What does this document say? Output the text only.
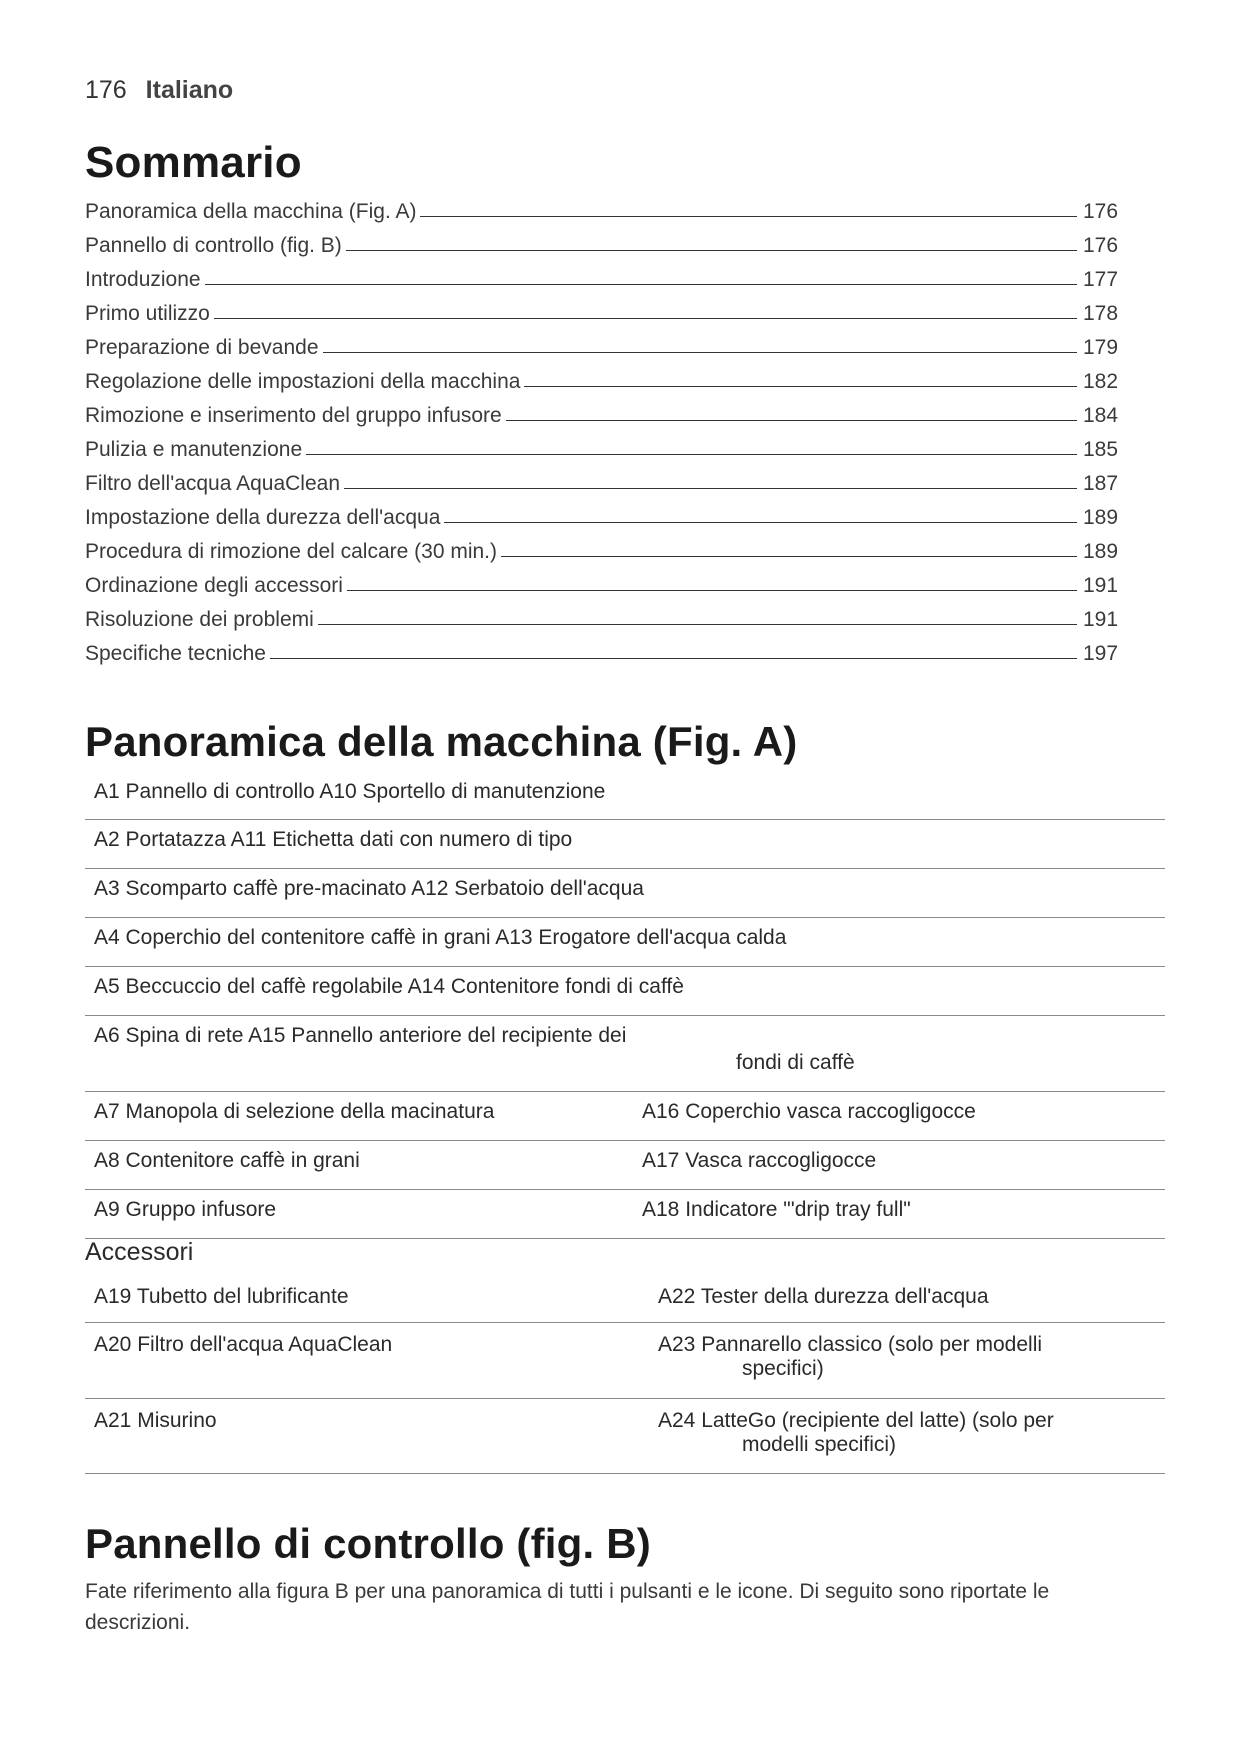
176 Italiano
Sommario
Panoramica della macchina (Fig. A)	176
Pannello di controllo (fig. B)	176
Introduzione	177
Primo utilizzo	178
Preparazione di bevande	179
Regolazione delle impostazioni della macchina	182
Rimozione e inserimento del gruppo infusore	184
Pulizia e manutenzione	185
Filtro dell'acqua AquaClean	187
Impostazione della durezza dell'acqua	189
Procedura di rimozione del calcare (30 min.)	189
Ordinazione degli accessori	191
Risoluzione dei problemi	191
Specifiche tecniche	197
Panoramica della macchina (Fig. A)
A1 Pannello di controllo A10 Sportello di manutenzione
A2 Portatazza A11 Etichetta dati con numero di tipo
A3 Scomparto caffè pre-macinato A12 Serbatoio dell'acqua
A4 Coperchio del contenitore caffè in grani A13 Erogatore dell'acqua calda
A5 Beccuccio del caffè regolabile A14 Contenitore fondi di caffè
A6 Spina di rete A15 Pannello anteriore del recipiente dei
fondi di caffè
A7 Manopola di selezione della macinatura	A16 Coperchio vasca raccogligocce
A8 Contenitore caffè in grani	A17 Vasca raccogligocce
A9 Gruppo infusore	A18 Indicatore "'drip tray full"
Accessori
A19 Tubetto del lubrificante	A22 Tester della durezza dell'acqua
A20 Filtro dell'acqua AquaClean	A23 Pannarello classico (solo per modelli
specifici)
A21 Misurino	A24 LatteGo (recipiente del latte) (solo per
modelli specifici)
Pannello di controllo (fig. B)
Fate riferimento alla figura B per una panoramica di tutti i pulsanti e le icone. Di seguito sono riportate le descrizioni.
